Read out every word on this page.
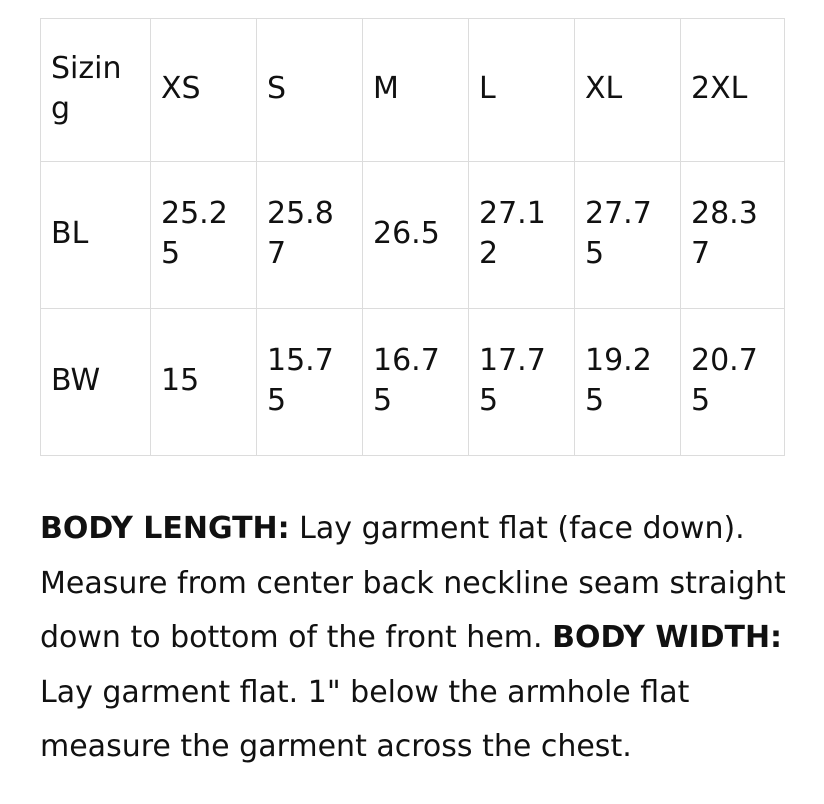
Sizing	XS	S	M	L	XL	2XL
BL	25.25	25.87	26.5	27.12	27.75	28.37
BW	15	15.75	16.75	17.75	19.25	20.75

BODY LENGTH: Lay garment flat (face down). Measure from center back neckline seam straight down to bottom of the front hem. BODY WIDTH: Lay garment flat. 1" below the armhole flat measure the garment across the chest.
